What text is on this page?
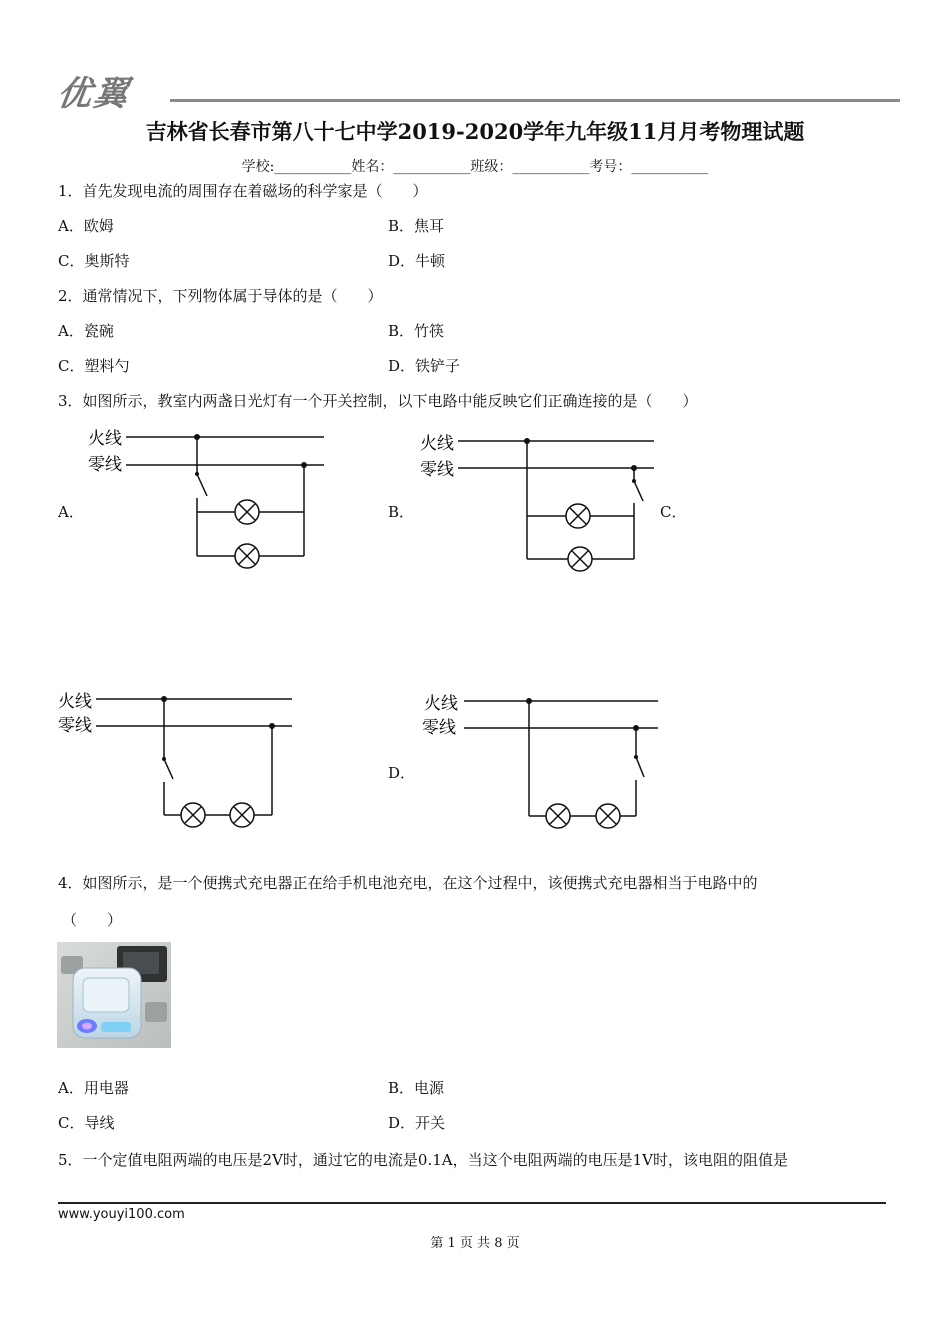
优翼
吉林省长春市第八十七中学2019-2020学年九年级11月月考物理试题
学校:___________姓名：___________班级：___________考号：___________
1．首先发现电流的周围存在着磁场的科学家是（　　）
A．欧姆	B．焦耳
C．奥斯特	D．牛顿
2．通常情况下，下列物体属于导体的是（　　）
A．瓷碗	B．竹筷
C．塑料勺	D．铁铲子
3．如图所示，教室内两盏日光灯有一个开关控制，以下电路中能反映它们正确连接的是（　　）
A．	B．	C．
D．
火线
零线
火线
零线
火线
零线
火线
零线
4．如图所示，是一个便携式充电器正在给手机电池充电，在这个过程中，该便携式充电器相当于电路中的
（　　）
A．用电器	B．电源
C．导线	D．开关
5．一个定值电阻两端的电压是2V时，通过它的电流是0.1A，当这个电阻两端的电压是1V时，该电阻的阻值是
www.youyi100.com
第 1 页 共 8 页
